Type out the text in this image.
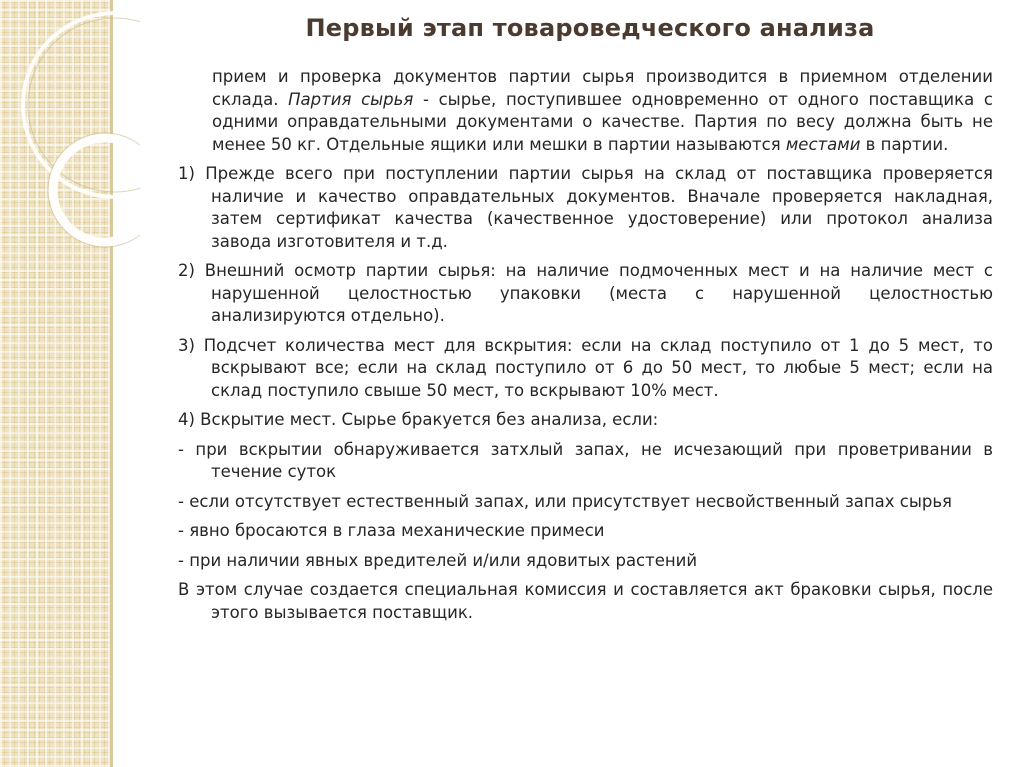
Первый этап товароведческого анализа

прием и проверка документов партии сырья производится в приемном отделении склада. Партия сырья - сырье, поступившее одновременно от одного поставщика с одними оправдательными документами о качестве. Партия по весу должна быть не менее 50 кг. Отдельные ящики или мешки в партии называются местами в партии.

1) Прежде всего при поступлении партии сырья на склад от поставщика проверяется наличие и качество оправдательных документов. Вначале проверяется накладная, затем сертификат качества (качественное удостоверение) или протокол анализа завода изготовителя и т.д.

2) Внешний осмотр партии сырья: на наличие подмоченных мест и на наличие мест с нарушенной целостностью упаковки (места с нарушенной целостностью анализируются отдельно).

3) Подсчет количества мест для вскрытия: если на склад поступило от 1 до 5 мест, то вскрывают все; если на склад поступило от 6 до 50 мест, то любые 5 мест; если на склад поступило свыше 50 мест, то вскрывают 10% мест.

4) Вскрытие мест. Сырье бракуется без анализа, если:

- при вскрытии обнаруживается затхлый запах, не исчезающий при проветривании в течение суток

- если отсутствует естественный запах, или присутствует несвойственный запах сырья

- явно бросаются в глаза механические примеси

- при наличии явных вредителей и/или ядовитых растений

В этом случае создается специальная комиссия и составляется акт браковки сырья, после этого вызывается поставщик.
